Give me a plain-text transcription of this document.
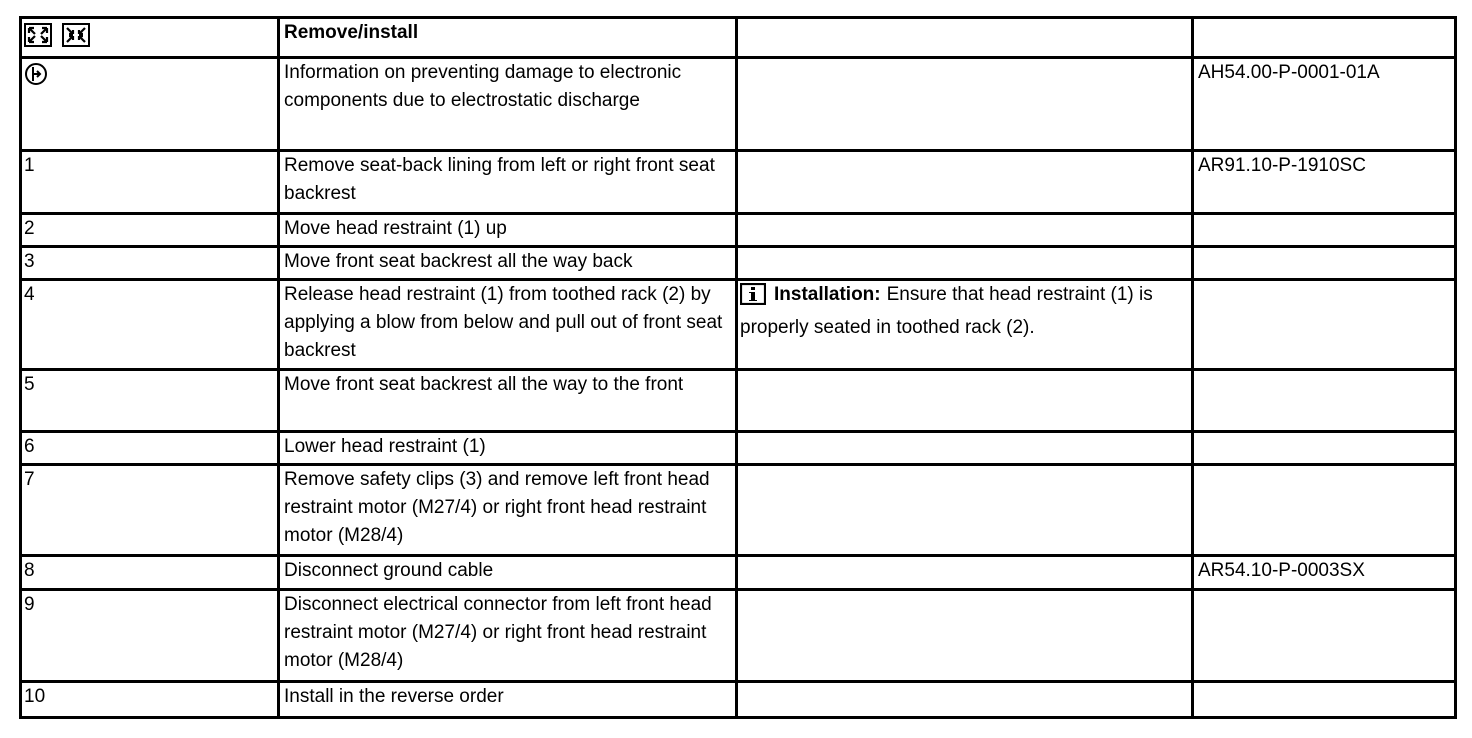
	Remove/install		
	Information on preventing damage to electronic components due to electrostatic discharge		AH54.00-P-0001-01A
1	Remove seat-back lining from left or right front seat backrest		AR91.10-P-1910SC
2	Move head restraint (1) up		
3	Move front seat backrest all the way back		
4	Release head restraint (1) from toothed rack (2) by applying a blow from below and pull out of front seat backrest	Installation: Ensure that head restraint (1) is properly seated in toothed rack (2).	
5	Move front seat backrest all the way to the front		
6	Lower head restraint (1)		
7	Remove safety clips (3) and remove left front head restraint motor (M27/4) or right front head restraint motor (M28/4)		
8	Disconnect ground cable		AR54.10-P-0003SX
9	Disconnect electrical connector from left front head restraint motor (M27/4) or right front head restraint motor (M28/4)		
10	Install in the reverse order		
